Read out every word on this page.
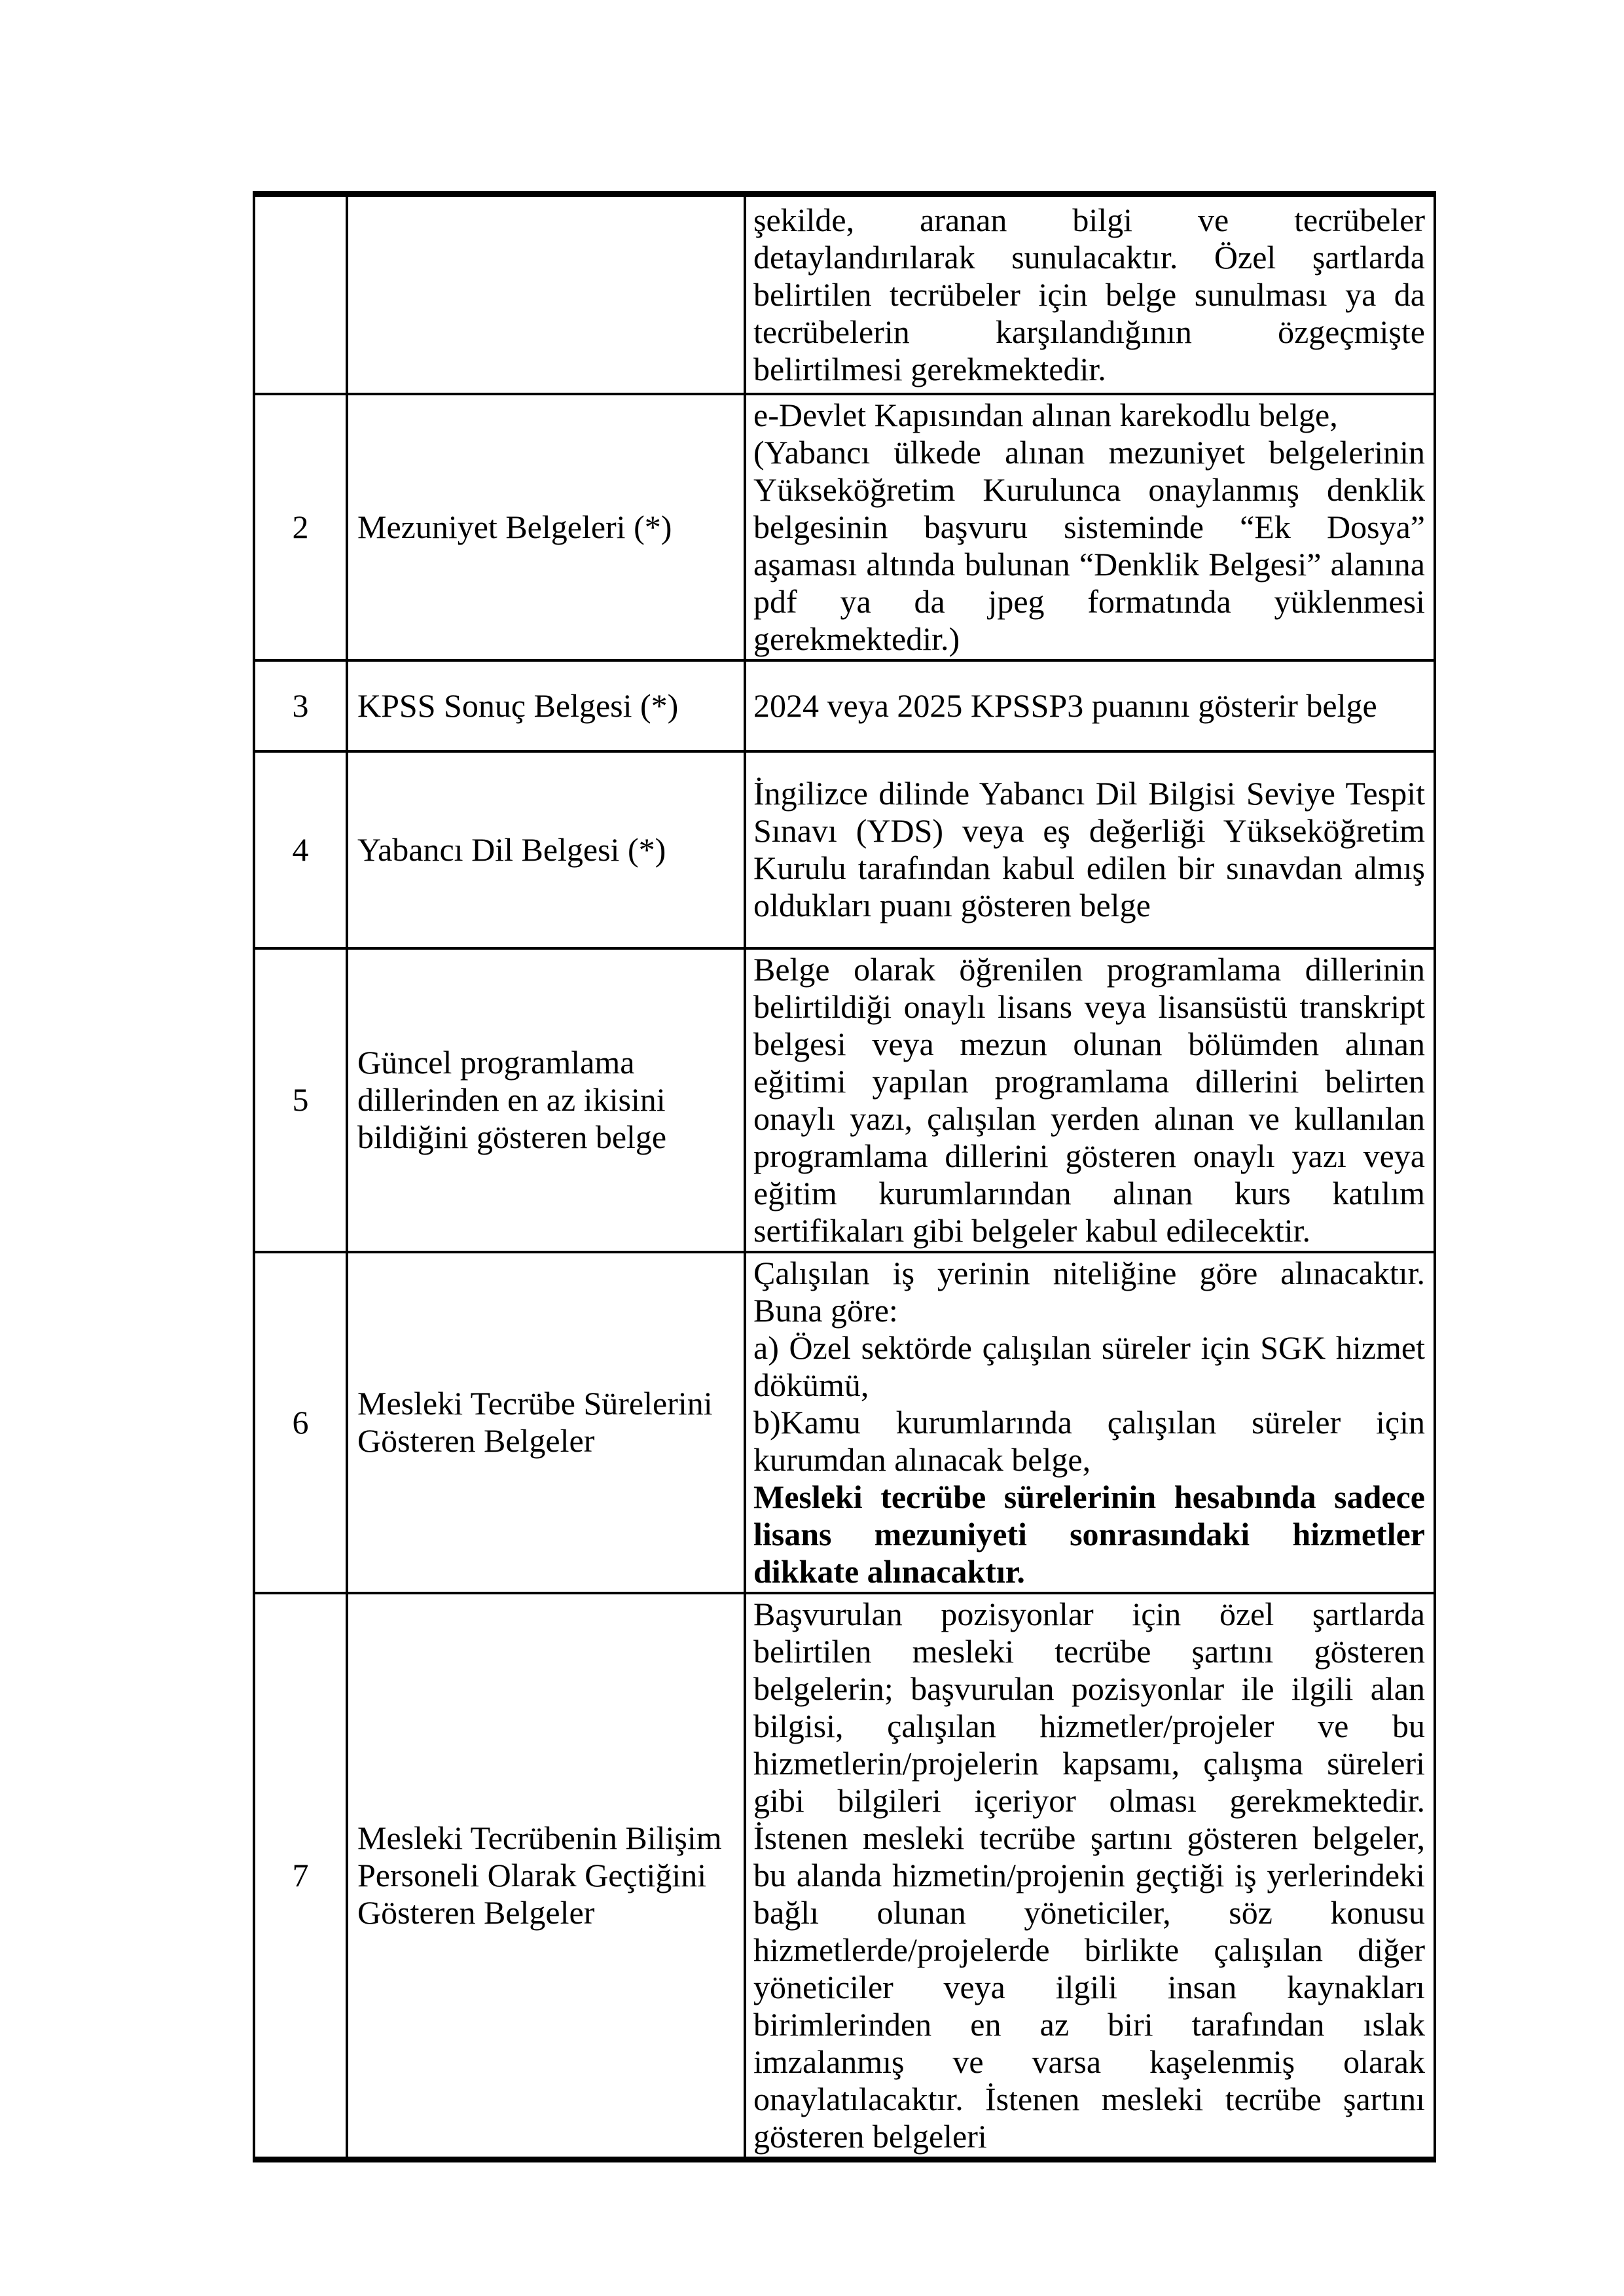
		şekilde, aranan bilgi ve tecrübeler detaylandırılarak sunulacaktır. Özel şartlarda belirtilen tecrübeler için belge sunulması ya da tecrübelerin karşılandığının özgeçmişte belirtilmesi gerekmektedir.

2	Mezuniyet Belgeleri (*)	e-Devlet Kapısından alınan karekodlu belge,

(Yabancı ülkede alınan mezuniyet belgelerinin Yükseköğretim Kurulunca onaylanmış denklik belgesinin başvuru sisteminde “Ek Dosya” aşaması altında bulunan “Denklik Belgesi” alanına pdf ya da jpeg formatında yüklenmesi gerekmektedir.)

3	KPSS Sonuç Belgesi (*)	2024 veya 2025 KPSSP3 puanını gösterir belge

4	Yabancı Dil Belgesi (*)	İngilizce dilinde Yabancı Dil Bilgisi Seviye Tespit Sınavı (YDS) veya eş değerliği Yükseköğretim Kurulu tarafından kabul edilen bir sınavdan almış oldukları puanı gösteren belge

5	Güncel programlama dillerinden en az ikisini bildiğini gösteren belge	Belge olarak öğrenilen programlama dillerinin belirtildiği onaylı lisans veya lisansüstü transkript belgesi veya mezun olunan bölümden alınan eğitimi yapılan programlama dillerini belirten onaylı yazı, çalışılan yerden alınan ve kullanılan programlama dillerini gösteren onaylı yazı veya eğitim kurumlarından alınan kurs katılım sertifikaları gibi belgeler kabul edilecektir.

6	Mesleki Tecrübe Sürelerini Gösteren Belgeler	Çalışılan iş yerinin niteliğine göre alınacaktır. Buna göre:

a) Özel sektörde çalışılan süreler için SGK hizmet dökümü,

b)Kamu kurumlarında çalışılan süreler için kurumdan alınacak belge,

Mesleki tecrübe sürelerinin hesabında sadece lisans mezuniyeti sonrasındaki hizmetler dikkate alınacaktır.

7	Mesleki Tecrübenin Bilişim Personeli Olarak Geçtiğini Gösteren Belgeler	Başvurulan pozisyonlar için özel şartlarda belirtilen mesleki tecrübe şartını gösteren belgelerin; başvurulan pozisyonlar ile ilgili alan bilgisi, çalışılan hizmetler/projeler ve bu hizmetlerin/projelerin kapsamı, çalışma süreleri gibi bilgileri içeriyor olması gerekmektedir. İstenen mesleki tecrübe şartını gösteren belgeler, bu alanda hizmetin/projenin geçtiği iş yerlerindeki bağlı olunan yöneticiler, söz konusu hizmetlerde/projelerde birlikte çalışılan diğer yöneticiler veya ilgili insan kaynakları birimlerinden en az biri tarafından ıslak imzalanmış ve varsa kaşelenmiş olarak onaylatılacaktır. İstenen mesleki tecrübe şartını gösteren belgeleri
